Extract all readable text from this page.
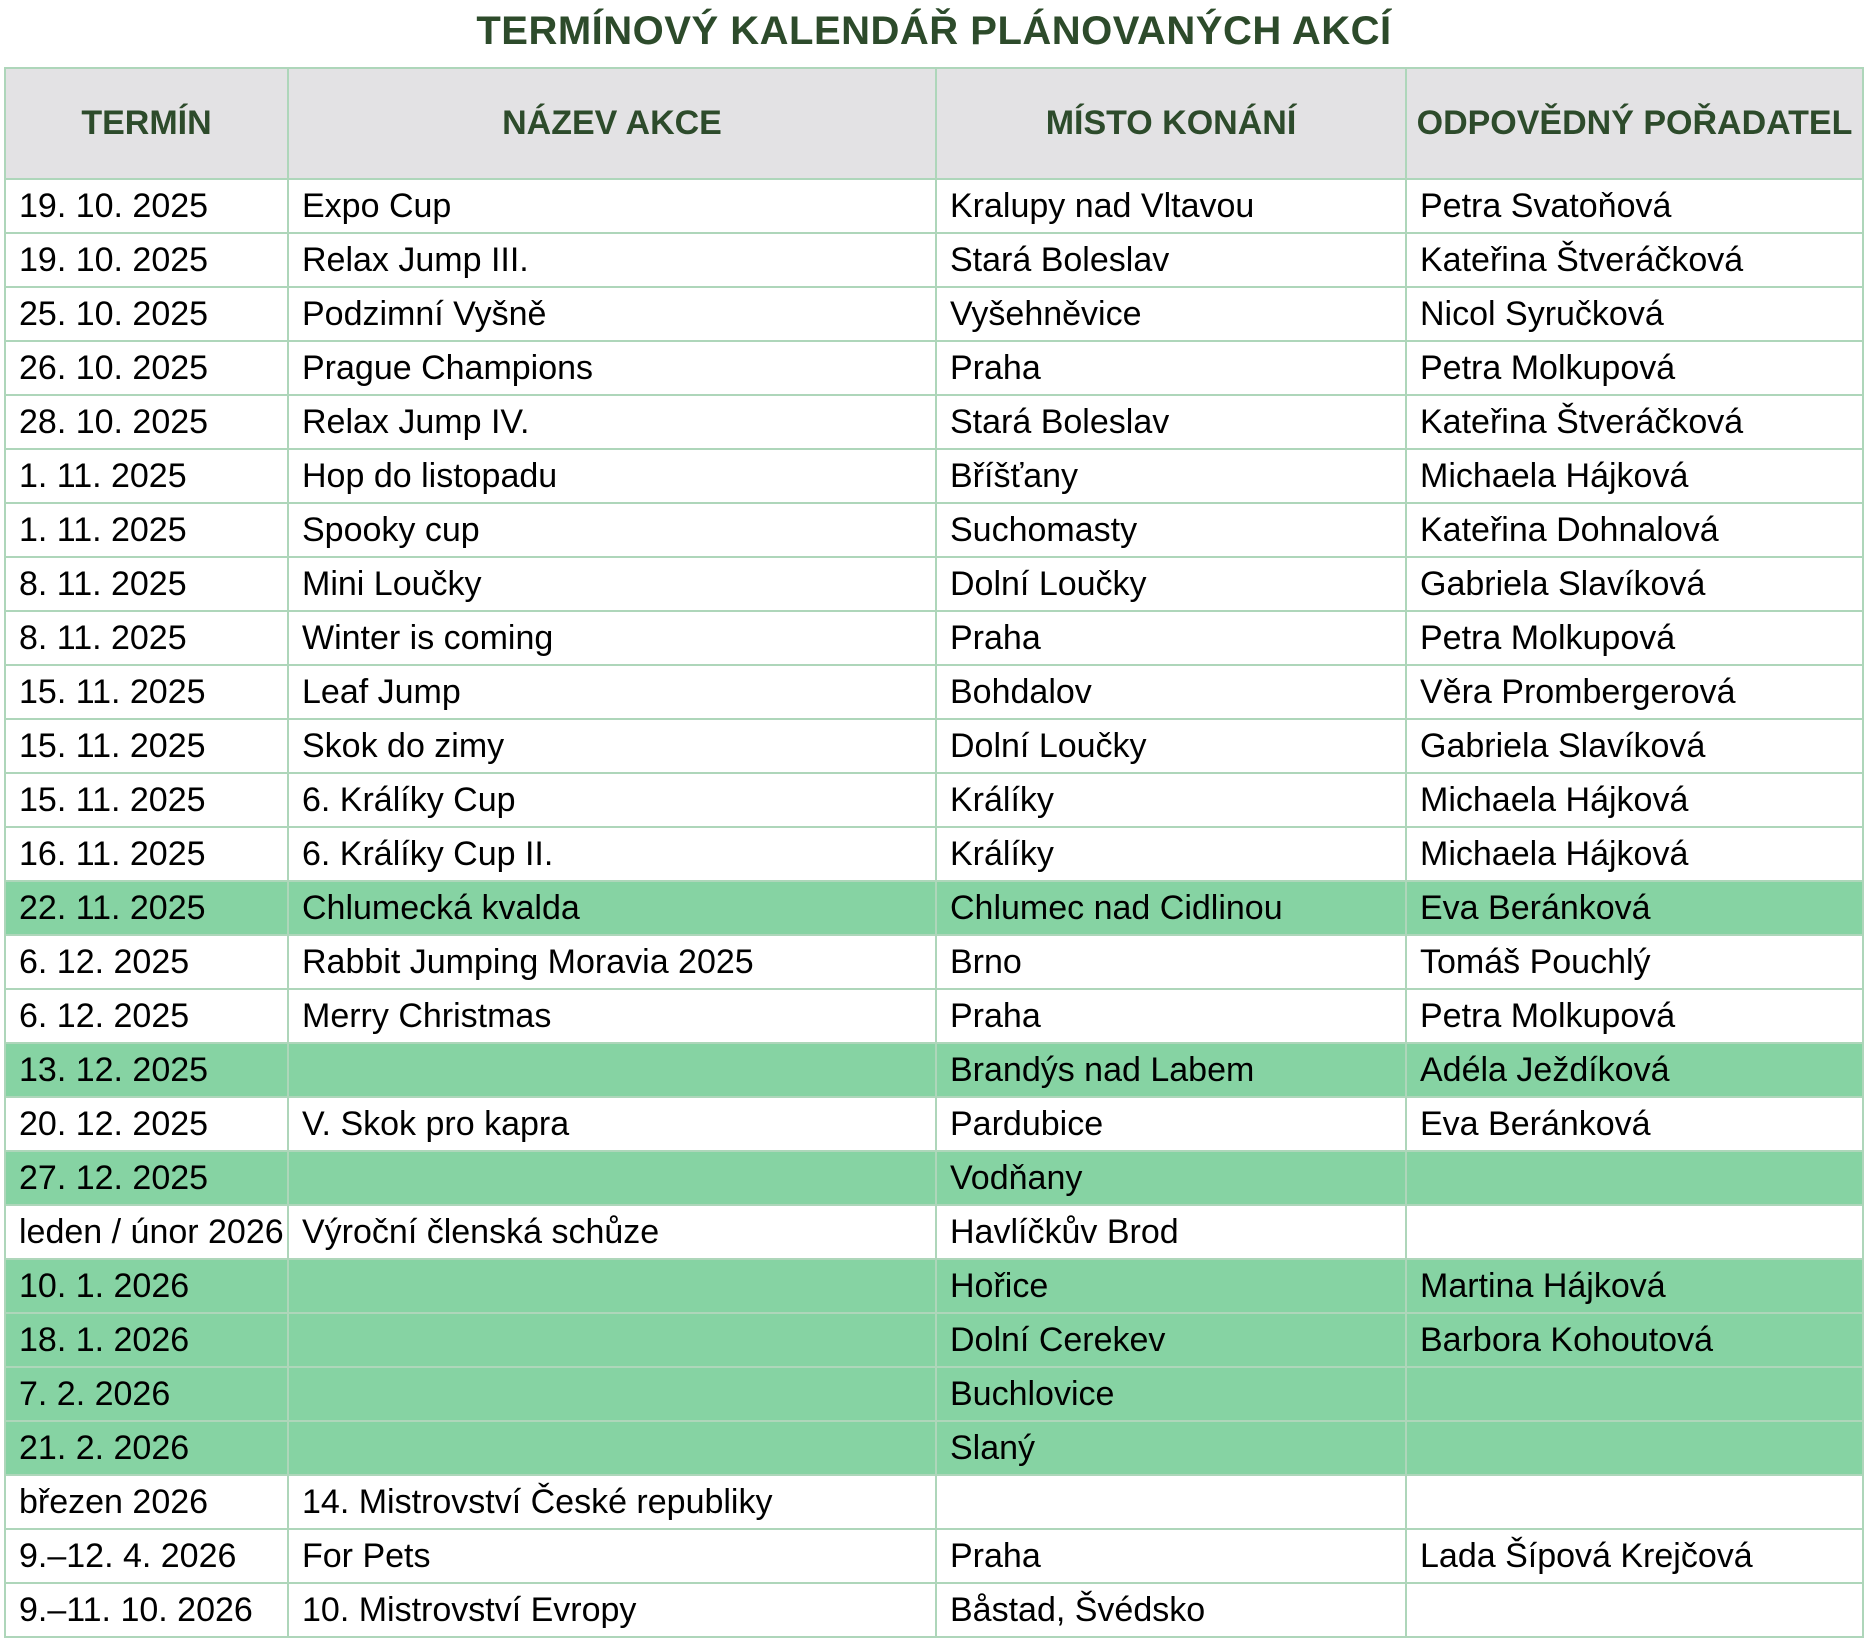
TERMÍNOVÝ KALENDÁŘ PLÁNOVANÝCH AKCÍ
TERMÍN	NÁZEV AKCE	MÍSTO KONÁNÍ	ODPOVĚDNÝ POŘADATEL
19. 10. 2025	Expo Cup	Kralupy nad Vltavou	Petra Svatoňová
19. 10. 2025	Relax Jump III.	Stará Boleslav	Kateřina Štveráčková
25. 10. 2025	Podzimní Vyšně	Vyšehněvice	Nicol Syručková
26. 10. 2025	Prague Champions	Praha	Petra Molkupová
28. 10. 2025	Relax Jump IV.	Stará Boleslav	Kateřina Štveráčková
1. 11. 2025	Hop do listopadu	Bříšťany	Michaela Hájková
1. 11. 2025	Spooky cup	Suchomasty	Kateřina Dohnalová
8. 11. 2025	Mini Loučky	Dolní Loučky	Gabriela Slavíková
8. 11. 2025	Winter is coming	Praha	Petra Molkupová
15. 11. 2025	Leaf Jump	Bohdalov	Věra Prombergerová
15. 11. 2025	Skok do zimy	Dolní Loučky	Gabriela Slavíková
15. 11. 2025	6. Králíky Cup	Králíky	Michaela Hájková
16. 11. 2025	6. Králíky Cup II.	Králíky	Michaela Hájková
22. 11. 2025	Chlumecká kvalda	Chlumec nad Cidlinou	Eva Beránková
6. 12. 2025	Rabbit Jumping Moravia 2025	Brno	Tomáš Pouchlý
6. 12. 2025	Merry Christmas	Praha	Petra Molkupová
13. 12. 2025		Brandýs nad Labem	Adéla Ježdíková
20. 12. 2025	V. Skok pro kapra	Pardubice	Eva Beránková
27. 12. 2025		Vodňany	
leden / únor 2026	Výroční členská schůze	Havlíčkův Brod	
10. 1. 2026		Hořice	Martina Hájková
18. 1. 2026		Dolní Cerekev	Barbora Kohoutová
7. 2. 2026		Buchlovice	
21. 2. 2026		Slaný	
březen 2026	14. Mistrovství České republiky		
9.–12. 4. 2026	For Pets	Praha	Lada Šípová Krejčová
9.–11. 10. 2026	10. Mistrovství Evropy	Båstad, Švédsko	
